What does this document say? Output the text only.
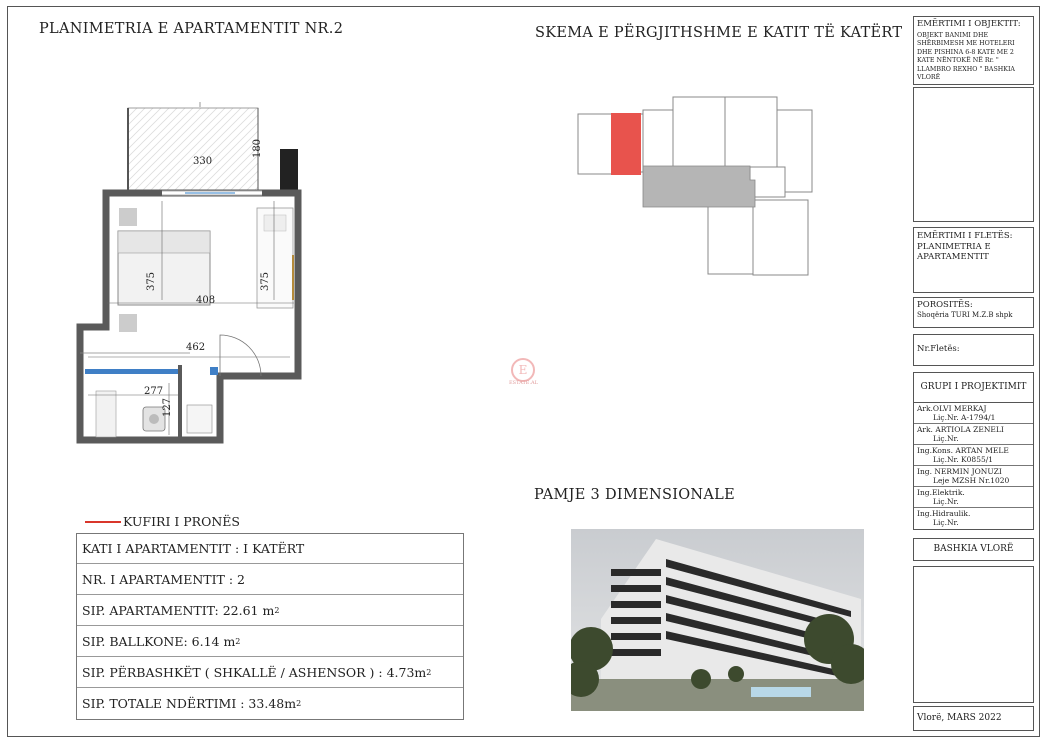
PLANIMETRIA E APARTAMENTIT NR.2	SKEMA E PËRGJITHSHME E KATIT TË KATËRT
PAMJE 3 DIMENSIONALE
330
180
375	375
408
462
277
127
E
ESTATE.AL
KUFIRI I PRONËS
KATI I APARTAMENTIT : I KATËRT
NR. I APARTAMENTIT : 2
SIP. APARTAMENTIT: 22.61 m 2
SIP. BALLKONE: 6.14 m 2
SIP. PËRBASHKËT ( SHKALLË / ASHENSOR ) : 4.73m 2
SIP. TOTALE NDËRTIMI : 33.48m 2
EMËRTIMI I OBJEKTIT:
OBJEKT BANIMI DHE SHËRBIMESH ME HOTELERI DHE PISHINA 6-8 KATE ME 2 KATE NËNTOKË NË Rr. " LLAMBRO REXHO " BASHKIA VLORË
EMËRTIMI I FLETËS:
PLANIMETRIA E APARTAMENTIT
POROSITËS:
Shoqëria TURI M.Z.B shpk
Nr.Fletës:
GRUPI I PROJEKTIMIT
Ark.OLVI MERKAJ
Liç.Nr. A-1794/1
Ark. ARTIOLA ZENELI
Liç.Nr.
Ing.Kons. ARTAN MELE
Liç.Nr. K0855/1
Ing. NERMIN JONUZI
Leje MZSH Nr.1020
Ing.Elektrik.
Liç.Nr.
Ing.Hidraulik.
Liç.Nr.
BASHKIA VLORË
Vlorë, MARS 2022
